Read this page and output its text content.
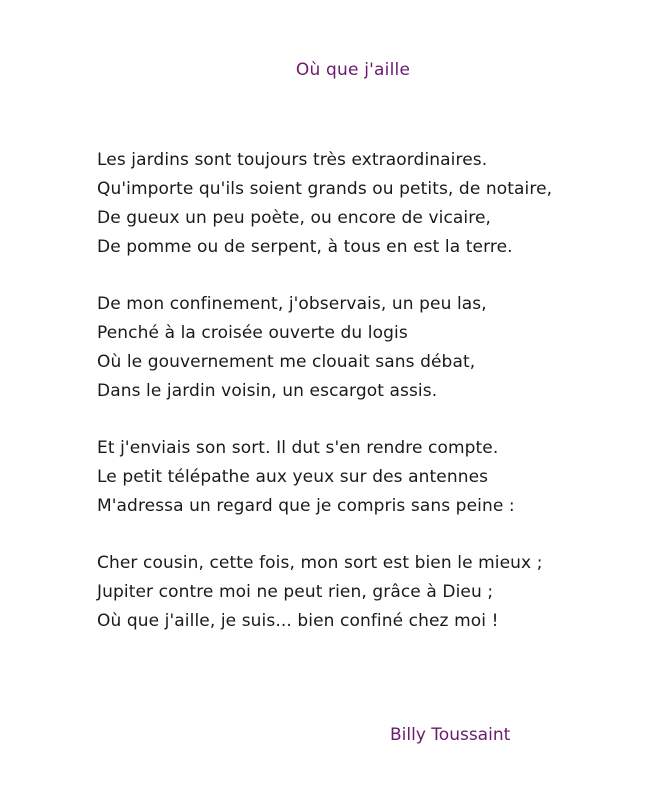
Où que j'aille
Les jardins sont toujours très extraordinaires.
Qu'importe qu'ils soient grands ou petits, de notaire,
De gueux un peu poète, ou encore de vicaire,
De pomme ou de serpent, à tous en est la terre.
De mon confinement, j'observais, un peu las,
Penché à la croisée ouverte du logis
Où le gouvernement me clouait sans débat,
Dans le jardin voisin, un escargot assis.
Et j'enviais son sort. Il dut s'en rendre compte.
Le petit télépathe aux yeux sur des antennes
M'adressa un regard que je compris sans peine :
Cher cousin, cette fois, mon sort est bien le mieux ;
Jupiter contre moi ne peut rien, grâce à Dieu ;
Où que j'aille, je suis... bien confiné chez moi !
Billy Toussaint
